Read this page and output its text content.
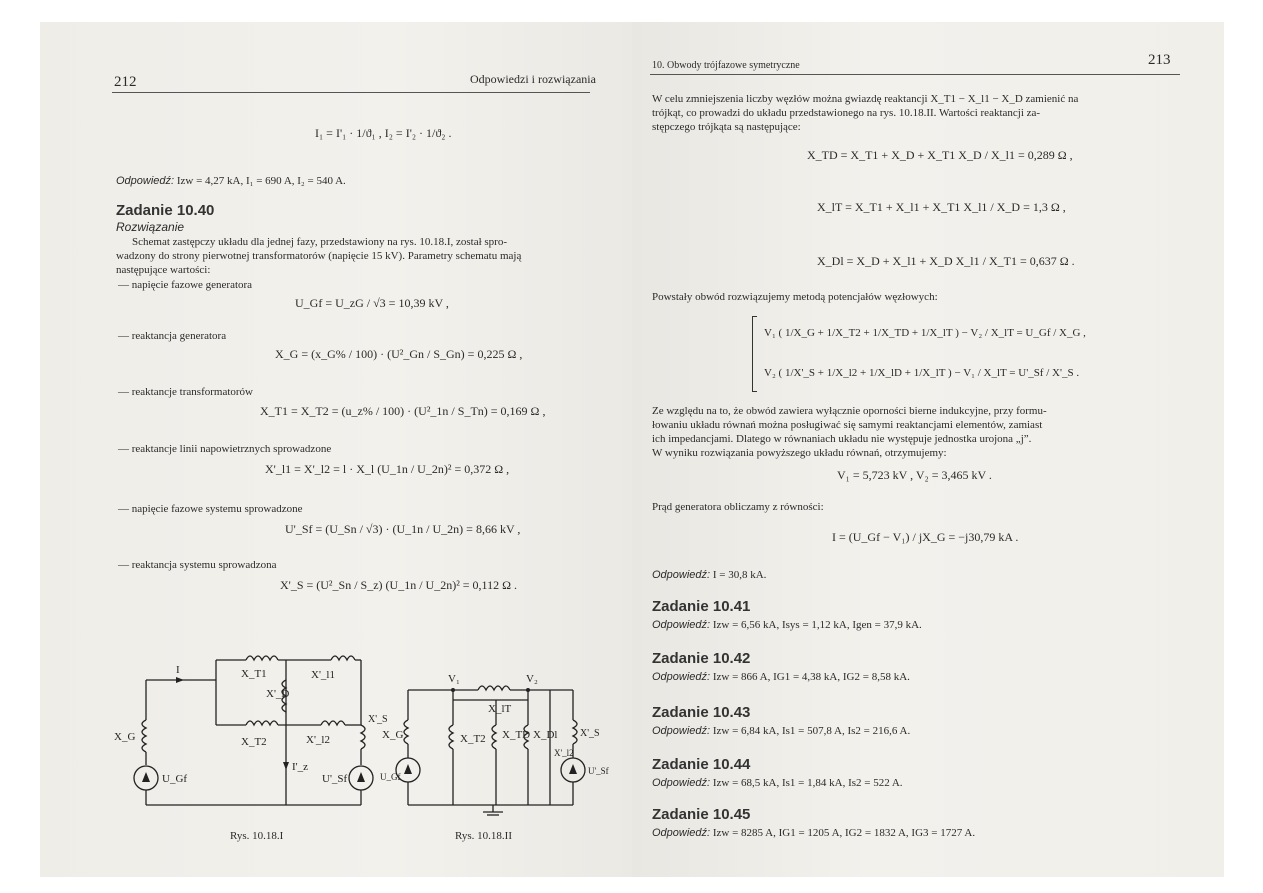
212	Odpowiedzi i rozwiązania
I₁ = I'₁ · 1/ϑ₁ , I₂ = I'₂ · 1/ϑ₂ .
Odpowiedź: Izw = 4,27 kA, I₁ = 690 A, I₂ = 540 A.
Zadanie 10.40
Rozwiązanie
Schemat zastępczy układu dla jednej fazy, przedstawiony na rys. 10.18.I, został spro-
wadzony do strony pierwotnej transformatorów (napięcie 15 kV). Parametry schematu mają
następujące wartości:
— napięcie fazowe generatora
U_Gf = U_zG / √3 = 10,39 kV ,
— reaktancja generatora
X_G = (x_G% / 100) · (U²_Gn / S_Gn) = 0,225 Ω ,
— reaktancje transformatorów
X_T1 = X_T2 = (u_z% / 100) · (U²_1n / S_Tn) = 0,169 Ω ,
— reaktancje linii napowietrznych sprowadzone
X'_l1 = X'_l2 = l · X_l (U_1n / U_2n)² = 0,372 Ω ,
— napięcie fazowe systemu sprowadzone
U'_Sf = (U_Sn / √3) · (U_1n / U_2n) = 8,66 kV ,
— reaktancja systemu sprowadzona
X'_S = (U²_Sn / S_z) (U_1n / U_2n)² = 0,112 Ω .
I	X_T1	X'_l1
X'_D
X_T2	X'_l2
X'_S
X_G
U_Gf
I'_z
U'_Sf
V₁	V₂
X_lT
X_G	X_T2 X_TD X_Dl
X'_l2
X'_S
U_Gf
U'_Sf
Rys. 10.18.I	Rys. 10.18.II
10. Obwody trójfazowe symetryczne	213
W celu zmniejszenia liczby węzłów można gwiazdę reaktancji X_T1 − X_l1 − X_D zamienić na
trójkąt, co prowadzi do układu przedstawionego na rys. 10.18.II. Wartości reaktancji za-
stępczego trójkąta są następujące:
X_TD = X_T1 + X_D + X_T1 X_D / X_l1 = 0,289 Ω ,
X_lT = X_T1 + X_l1 + X_T1 X_l1 / X_D = 1,3 Ω ,
X_Dl = X_D + X_l1 + X_D X_l1 / X_T1 = 0,637 Ω .
Powstały obwód rozwiązujemy metodą potencjałów węzłowych:
V₁ ( 1/X_G + 1/X_T2 + 1/X_TD + 1/X_lT ) − V₂ / X_lT = U_Gf / X_G ,
V₂ ( 1/X'_S + 1/X_l2 + 1/X_lD + 1/X_lT ) − V₁ / X_lT = U'_Sf / X'_S .
Ze względu na to, że obwód zawiera wyłącznie oporności bierne indukcyjne, przy formu-
łowaniu układu równań można posługiwać się samymi reaktancjami elementów, zamiast
ich impedancjami. Dlatego w równaniach układu nie występuje jednostka urojona „j”.
W wyniku rozwiązania powyższego układu równań, otrzymujemy:
V₁ = 5,723 kV , V₂ = 3,465 kV .
Prąd generatora obliczamy z równości:
I = (U_Gf − V₁) / jX_G = −j30,79 kA .
Odpowiedź: I = 30,8 kA.
Zadanie 10.41
Odpowiedź: Izw = 6,56 kA, Isys = 1,12 kA, Igen = 37,9 kA.
Zadanie 10.42
Odpowiedź: Izw = 866 A, IG1 = 4,38 kA, IG2 = 8,58 kA.
Zadanie 10.43
Odpowiedź: Izw = 6,84 kA, Is1 = 507,8 A, Is2 = 216,6 A.
Zadanie 10.44
Odpowiedź: Izw = 68,5 kA, Is1 = 1,84 kA, Is2 = 522 A.
Zadanie 10.45
Odpowiedź: Izw = 8285 A, IG1 = 1205 A, IG2 = 1832 A, IG3 = 1727 A.
